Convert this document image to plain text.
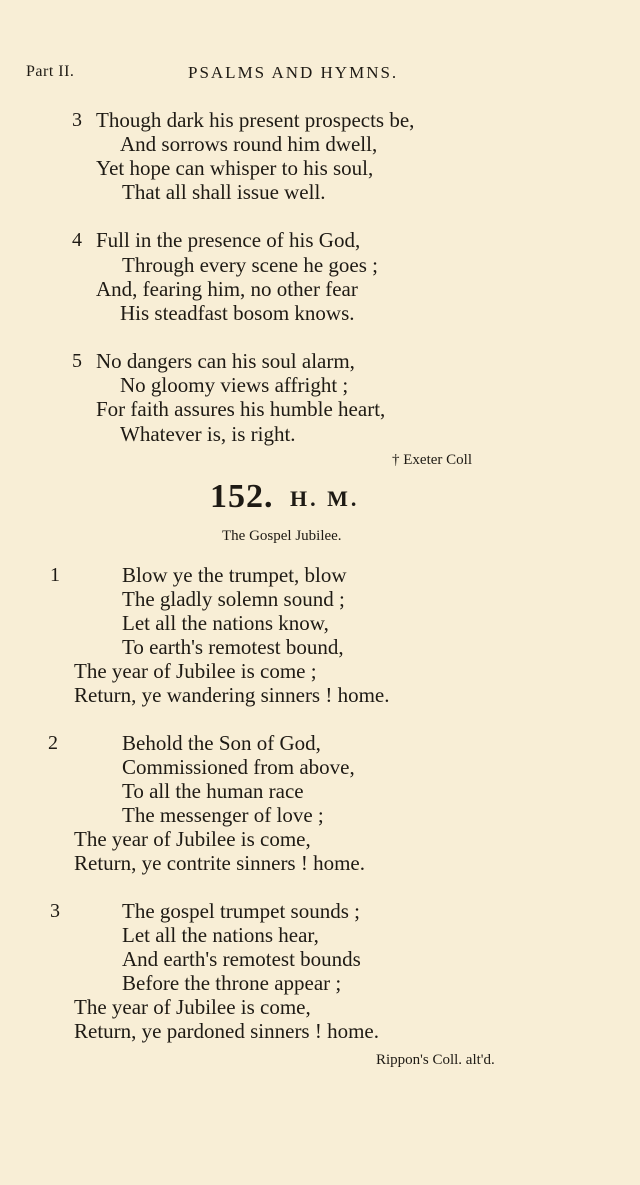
Part II.	PSALMS AND HYMNS.
3 Though dark his present prospects be,
And sorrows round him dwell,
Yet hope can whisper to his soul,
That all shall issue well.
4 Full in the presence of his God,
Through every scene he goes ;
And, fearing him, no other fear
His steadfast bosom knows.
5 No dangers can his soul alarm,
No gloomy views affright ;
For faith assures his humble heart,
Whatever is, is right.
† Exeter Coll
152. H. M.
The Gospel Jubilee.
1	Blow ye the trumpet, blow
The gladly solemn sound ;
Let all the nations know,
To earth's remotest bound,
The year of Jubilee is come ;
Return, ye wandering sinners ! home.
2	Behold the Son of God,
Commissioned from above,
To all the human race
The messenger of love ;
The year of Jubilee is come,
Return, ye contrite sinners ! home.
3	The gospel trumpet sounds ;
Let all the nations hear,
And earth's remotest bounds
Before the throne appear ;
The year of Jubilee is come,
Return, ye pardoned sinners ! home.
Rippon's Coll. alt'd.
